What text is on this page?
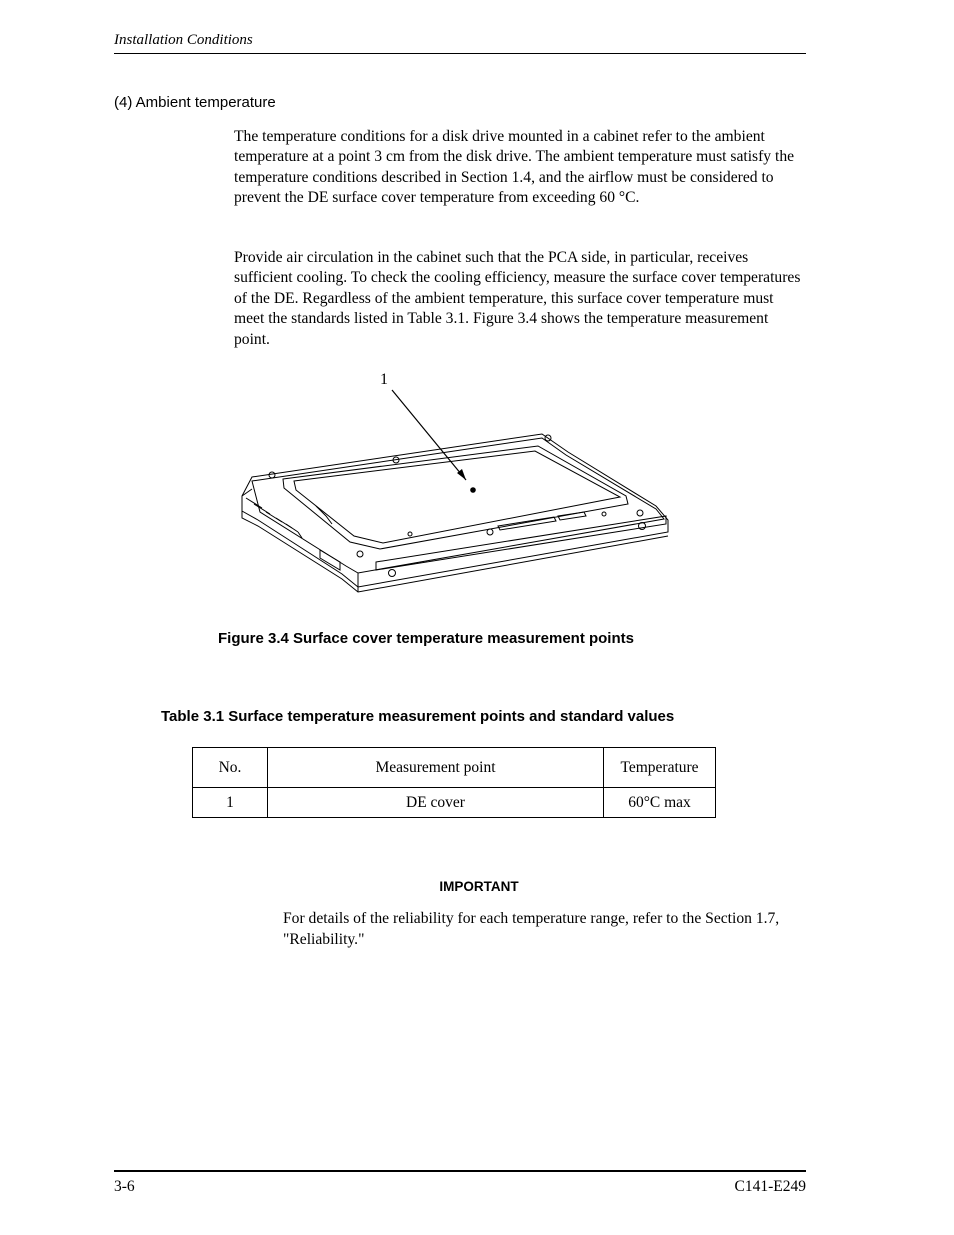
Installation Conditions
(4) Ambient temperature

The temperature conditions for a disk drive mounted in a cabinet refer to the ambient temperature at a point 3 cm from the disk drive. The ambient temperature must satisfy the temperature conditions described in Section 1.4, and the airflow must be considered to prevent the DE surface cover temperature from exceeding 60 °C.

Provide air circulation in the cabinet such that the PCA side, in particular, receives sufficient cooling. To check the cooling efficiency, measure the surface cover temperatures of the DE. Regardless of the ambient temperature, this surface cover temperature must meet the standards listed in Table 3.1. Figure 3.4 shows the temperature measurement point.

1
Figure 3.4 Surface cover temperature measurement points
Table 3.1 Surface temperature measurement points and standard values
No.	Measurement point	Temperature
1	DE cover	60°C max
IMPORTANT

For details of the reliability for each temperature range, refer to the Section 1.7, "Reliability."

3-6	C141-E249
